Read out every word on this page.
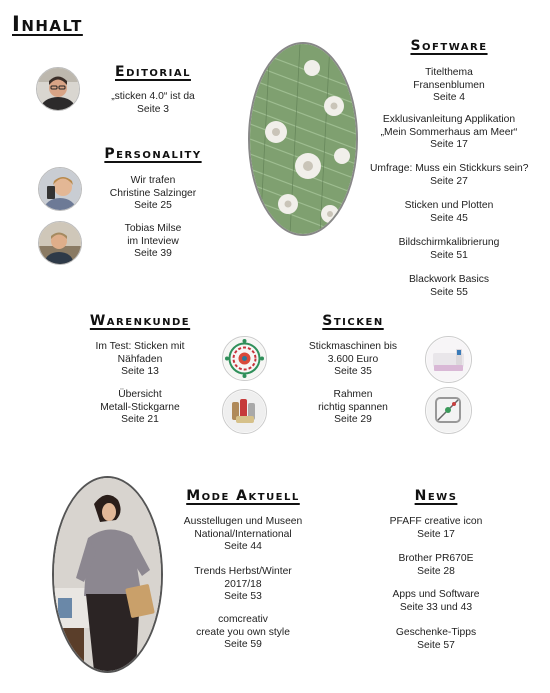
Inhalt
Editorial
„sticken 4.0“ ist da
Seite 3
Personality
Wir trafen
Christine Salzinger
Seite 25
Tobias Milse
im Inteview
Seite 39
Software
Titelthema
Fransenblumen
Seite 4
Exklusivanleitung Applikation
„Mein Sommerhaus am Meer“
Seite 17
Umfrage: Muss ein Stickkurs sein?
Seite 27
Sticken und Plotten
Seite 45
Bildschirmkalibrierung
Seite 51
Blackwork Basics
Seite 55
Warenkunde
Im Test: Sticken mit
Nähfaden
Seite 13
Übersicht
Metall-Stickgarne
Seite 21
Sticken
Stickmaschinen bis
3.600 Euro
Seite 35
Rahmen
richtig spannen
Seite 29
Mode Aktuell
Ausstellugen und Museen
National/International
Seite 44
Trends Herbst/Winter
2017/18
Seite 53
comcreativ
create you own style
Seite 59
News
PFAFF creative icon
Seite 17
Brother PR670E
Seite 28
Apps und Software
Seite 33 und 43
Geschenke-Tipps
Seite 57
